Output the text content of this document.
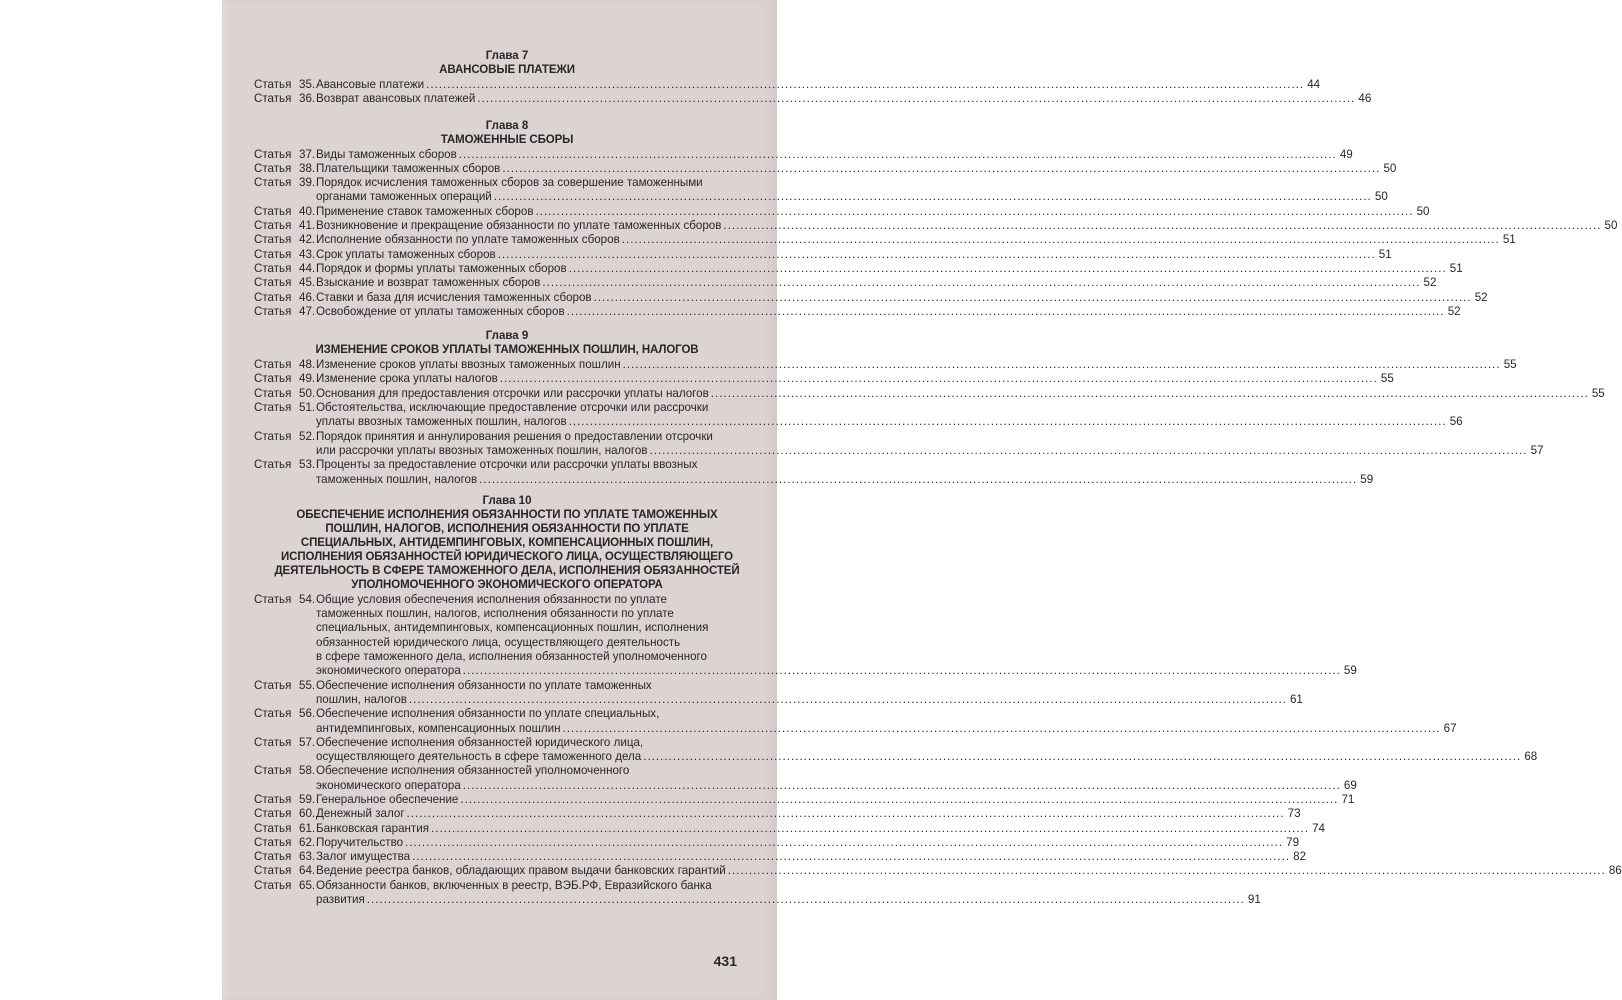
Глава 7
АВАНСОВЫЕ ПЛАТЕЖИ
Статья 35. Авансовые платежи .....	44
Статья 36. Возврат авансовых платежей .....	46
Глава 8
ТАМОЖЕННЫЕ СБОРЫ
Статья 37. Виды таможенных сборов .....	49
Статья 38. Плательщики таможенных сборов .....	50
Статья 39. Порядок исчисления таможенных сборов за совершение таможенными
органами таможенных операций .....	50
Статья 40. Применение ставок таможенных сборов .....	50
Статья 41. Возникновение и прекращение обязанности по уплате таможенных сборов .....	50
Статья 42. Исполнение обязанности по уплате таможенных сборов .....	51
Статья 43. Срок уплаты таможенных сборов .....	51
Статья 44. Порядок и формы уплаты таможенных сборов .....	51
Статья 45. Взыскание и возврат таможенных сборов .....	52
Статья 46. Ставки и база для исчисления таможенных сборов .....	52
Статья 47. Освобождение от уплаты таможенных сборов .....	52
Глава 9
ИЗМЕНЕНИЕ СРОКОВ УПЛАТЫ ТАМОЖЕННЫХ ПОШЛИН, НАЛОГОВ
Статья 48. Изменение сроков уплаты ввозных таможенных пошлин .....	55
Статья 49. Изменение срока уплаты налогов .....	55
Статья 50. Основания для предоставления отсрочки или рассрочки уплаты налогов .....	55
Статья 51. Обстоятельства, исключающие предоставление отсрочки или рассрочки
уплаты ввозных таможенных пошлин, налогов .....	56
Статья 52. Порядок принятия и аннулирования решения о предоставлении отсрочки
или рассрочки уплаты ввозных таможенных пошлин, налогов .....	57
Статья 53. Проценты за предоставление отсрочки или рассрочки уплаты ввозных
таможенных пошлин, налогов .....	59
Глава 10
ОБЕСПЕЧЕНИЕ ИСПОЛНЕНИЯ ОБЯЗАННОСТИ ПО УПЛАТЕ ТАМОЖЕННЫХ
ПОШЛИН, НАЛОГОВ, ИСПОЛНЕНИЯ ОБЯЗАННОСТИ ПО УПЛАТЕ
СПЕЦИАЛЬНЫХ, АНТИДЕМПИНГОВЫХ, КОМПЕНСАЦИОННЫХ ПОШЛИН,
ИСПОЛНЕНИЯ ОБЯЗАННОСТЕЙ ЮРИДИЧЕСКОГО ЛИЦА, ОСУЩЕСТВЛЯЮЩЕГО
ДЕЯТЕЛЬНОСТЬ В СФЕРЕ ТАМОЖЕННОГО ДЕЛА, ИСПОЛНЕНИЯ ОБЯЗАННОСТЕЙ
УПОЛНОМОЧЕННОГО ЭКОНОМИЧЕСКОГО ОПЕРАТОРА
Статья 54. Общие условия обеспечения исполнения обязанности по уплате
таможенных пошлин, налогов, исполнения обязанности по уплате
специальных, антидемпинговых, компенсационных пошлин, исполнения
обязанностей юридического лица, осуществляющего деятельность
в сфере таможенного дела, исполнения обязанностей уполномоченного
экономического оператора .....	59
Статья 55. Обеспечение исполнения обязанности по уплате таможенных
пошлин, налогов .....	61
Статья 56. Обеспечение исполнения обязанности по уплате специальных,
антидемпинговых, компенсационных пошлин .....	67
Статья 57. Обеспечение исполнения обязанностей юридического лица,
осуществляющего деятельность в сфере таможенного дела .....	68
Статья 58. Обеспечение исполнения обязанностей уполномоченного
экономического оператора .....	69
Статья 59. Генеральное обеспечение .....	71
Статья 60. Денежный залог .....	73
Статья 61. Банковская гарантия .....	74
Статья 62. Поручительство .....	79
Статья 63. Залог имущества .....	82
Статья 64. Ведение реестра банков, обладающих правом выдачи банковских гарантий .....	86
Статья 65. Обязанности банков, включенных в реестр, ВЭБ.РФ, Евразийского банка
развития .....	91
431
